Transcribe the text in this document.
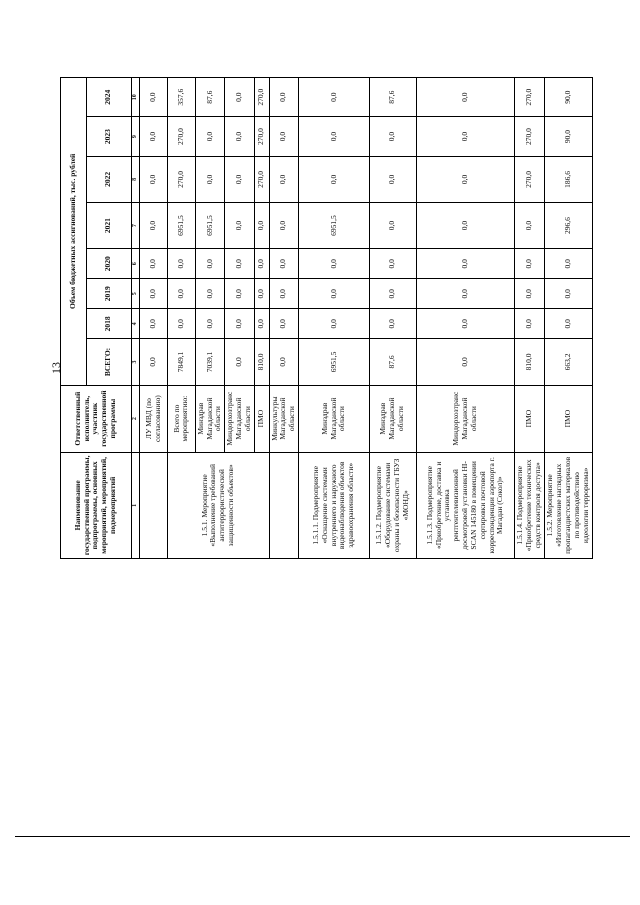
13
Наименование государственной программы, подпрограммы, основных мероприятий, мероприятий, подмероприятий	Ответственный исполнитель, участник государственной программы	Объем бюджетных ассигнований, тыс. рублей							
		ВСЕГО:	2018	2019	2020	2021	2022	2023	2024
1	2	3	4	5	6	7	8	9	10
	ЛУ МВД (по согласованию)	0,0	0,0	0,0	0,0	0,0	0,0	0,0	0,0
1.5.1. Мероприятие «Выполнение требований антитеррористической защищенности объектов»	Всего по мероприятию:	7849,1	0,0	0,0	0,0	6951,5	270,0	270,0	357,6
	Минздрав Магаданской области	7039,1	0,0	0,0	0,0	6951,5	0,0	0,0	87,6
	Миндорхозтранс Магаданской области	0,0	0,0	0,0	0,0	0,0	0,0	0,0	0,0
	ПМО	810,0	0,0	0,0	0,0	0,0	270,0	270,0	270,0
	Минкультуры Магаданской области	0,0	0,0	0,0	0,0	0,0	0,0	0,0	0,0
1.5.1.1. Подмероприятие «Оснащение системами внутреннего и наружного видеонаблюдения объектов здравоохранения области»	Минздрав Магаданской области	6951,5	0,0	0,0	0,0	6951,5	0,0	0,0	0,0
1.5.1.2. Подмероприятие «Оборудование системами охраны и безопасности ГБУЗ «МОНД»	Минздрав Магаданской области	87,6	0,0	0,0	0,0	0,0	0,0	0,0	87,6
1.5.1.3. Подмероприятие «Приобретение, доставка и установка рентгентелевизионной досмотровой установки HI-SCAN 145180 в помещении сортировки почтовой корреспонденции аэропорта г. Магадан (Сокол)»	Миндорхозтранс Магаданской области	0,0	0,0	0,0	0,0	0,0	0,0	0,0	0,0
1.5.1.4. Подмероприятие «Приобретение технических средств контроля доступа»	ПМО	810,0	0,0	0,0	0,0	0,0	270,0	270,0	270,0
1.5.2. Мероприятие «Изготовление наглядных пропагандистских материалов по противодействию идеологии терроризма»	ПМО	663,2	0,0	0,0	0,0	296,6	186,6	90,0	90,0
